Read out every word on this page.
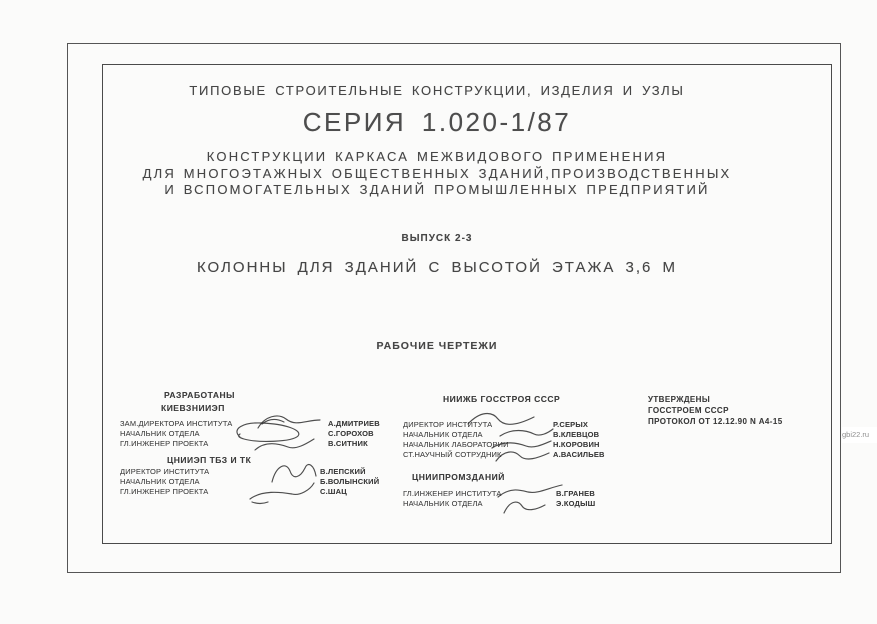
ТИПОВЫЕ СТРОИТЕЛЬНЫЕ КОНСТРУКЦИИ, ИЗДЕЛИЯ И УЗЛЫ
СЕРИЯ 1.020-1/87
КОНСТРУКЦИИ КАРКАСА МЕЖВИДОВОГО ПРИМЕНЕНИЯ
ДЛЯ МНОГОЭТАЖНЫХ ОБЩЕСТВЕННЫХ ЗДАНИЙ,ПРОИЗВОДСТВЕННЫХ
И ВСПОМОГАТЕЛЬНЫХ ЗДАНИЙ ПРОМЫШЛЕННЫХ ПРЕДПРИЯТИЙ
ВЫПУСК 2-3
КОЛОННЫ ДЛЯ ЗДАНИЙ С ВЫСОТОЙ ЭТАЖА 3,6 М
РАБОЧИЕ ЧЕРТЕЖИ
РАЗРАБОТАНЫ
КИЕВЗНИИЭП
ЗАМ.ДИРЕКТОРА ИНСТИТУТА	А.ДМИТРИЕВ
НАЧАЛЬНИК ОТДЕЛА	С.ГОРОХОВ
ГЛ.ИНЖЕНЕР ПРОЕКТА	В.СИТНИК
ЦНИИЭП ТБЗ И ТК
ДИРЕКТОР ИНСТИТУТА	В.ЛЕПСКИЙ
НАЧАЛЬНИК ОТДЕЛА	Б.ВОЛЫНСКИЙ
ГЛ.ИНЖЕНЕР ПРОЕКТА	С.ШАЦ
НИИЖБ ГОССТРОЯ СССР
ДИРЕКТОР ИНСТИТУТА	Р.СЕРЫХ
НАЧАЛЬНИК ОТДЕЛА	В.КЛЕВЦОВ
НАЧАЛЬНИК ЛАБОРАТОРИИ	Н.КОРОВИН
СТ.НАУЧНЫЙ СОТРУДНИК	А.ВАСИЛЬЕВ
ЦНИИПРОМЗДАНИЙ
ГЛ.ИНЖЕНЕР ИНСТИТУТА	В.ГРАНЕВ
НАЧАЛЬНИК ОТДЕЛА	Э.КОДЫШ
УТВЕРЖДЕНЫ
ГОССТРОЕМ СССР
ПРОТОКОЛ ОТ 12.12.90 N А4-15
gbi22.ru
